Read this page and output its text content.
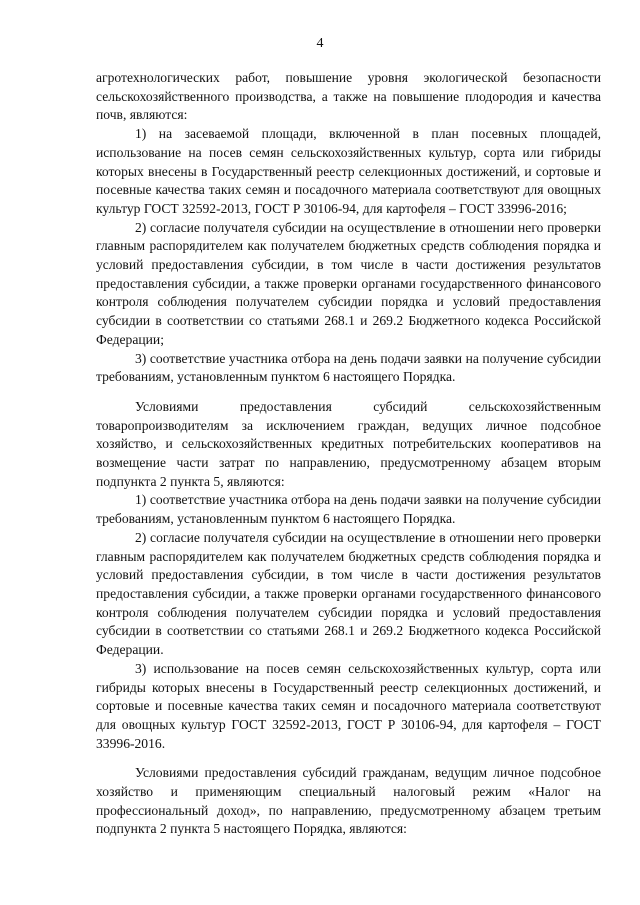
4

агротехнологических работ, повышение уровня экологической безопасности сельскохозяйственного производства, а также на повышение плодородия и качества почв, являются:

1) на засеваемой площади, включенной в план посевных площадей, использование на посев семян сельскохозяйственных культур, сорта или гибриды которых внесены в Государственный реестр селекционных достижений, и сортовые и посевные качества таких семян и посадочного материала соответствуют для овощных культур ГОСТ 32592-2013, ГОСТ Р 30106-94, для картофеля – ГОСТ 33996-2016;

2) согласие получателя субсидии на осуществление в отношении него проверки главным распорядителем как получателем бюджетных средств соблюдения порядка и условий предоставления субсидии, в том числе в части достижения результатов предоставления субсидии, а также проверки органами государственного финансового контроля соблюдения получателем субсидии порядка и условий предоставления субсидии в соответствии со статьями 268.1 и 269.2 Бюджетного кодекса Российской Федерации;

3) соответствие участника отбора на день подачи заявки на получение субсидии требованиям, установленным пунктом 6 настоящего Порядка.

Условиями предоставления субсидий сельскохозяйственным товаропроизводителям за исключением граждан, ведущих личное подсобное хозяйство, и сельскохозяйственных кредитных потребительских кооперативов на возмещение части затрат по направлению, предусмотренному абзацем вторым подпункта 2 пункта 5, являются:

1) соответствие участника отбора на день подачи заявки на получение субсидии требованиям, установленным пунктом 6 настоящего Порядка.

2) согласие получателя субсидии на осуществление в отношении него проверки главным распорядителем как получателем бюджетных средств соблюдения порядка и условий предоставления субсидии, в том числе в части достижения результатов предоставления субсидии, а также проверки органами государственного финансового контроля соблюдения получателем субсидии порядка и условий предоставления субсидии в соответствии со статьями 268.1 и 269.2 Бюджетного кодекса Российской Федерации.

3) использование на посев семян сельскохозяйственных культур, сорта или гибриды которых внесены в Государственный реестр селекционных достижений, и сортовые и посевные качества таких семян и посадочного материала соответствуют для овощных культур ГОСТ 32592-2013, ГОСТ Р 30106-94, для картофеля – ГОСТ 33996-2016.

Условиями предоставления субсидий гражданам, ведущим личное подсобное хозяйство и применяющим специальный налоговый режим «Налог на профессиональный доход», по направлению, предусмотренному абзацем третьим подпункта 2 пункта 5 настоящего Порядка, являются:
